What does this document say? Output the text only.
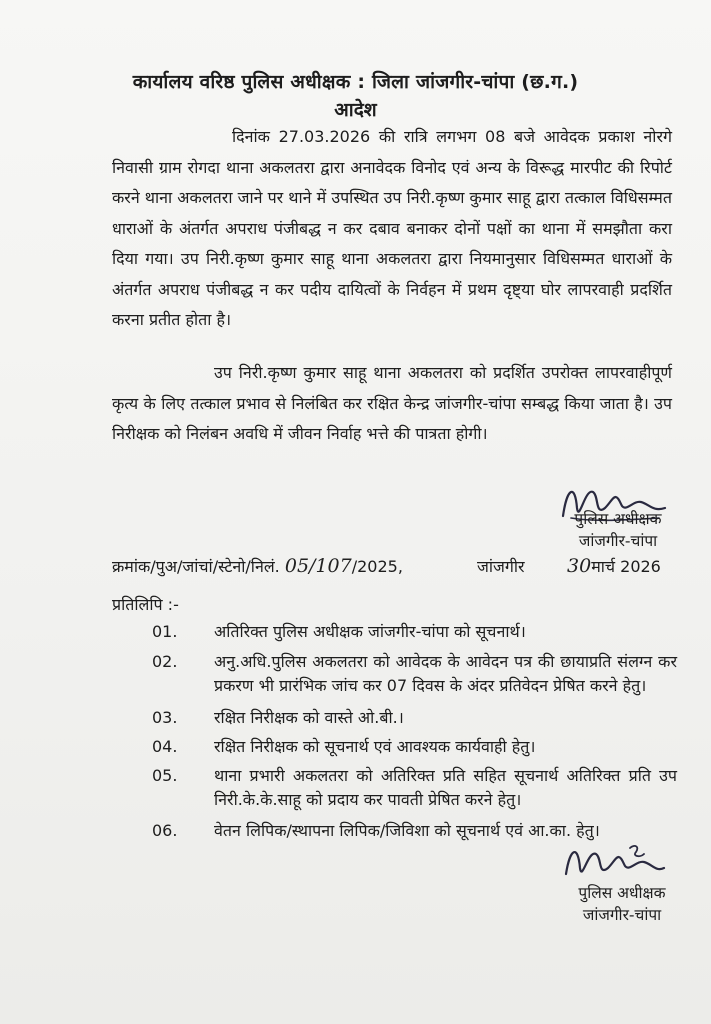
कार्यालय वरिष्ठ पुलिस अधीक्षक : जिला जांजगीर-चांपा (छ.ग.)
आदेश

दिनांक 27.03.2026 की रात्रि लगभग 08 बजे आवेदक प्रकाश नोरगे निवासी ग्राम रोगदा थाना अकलतरा द्वारा अनावेदक विनोद एवं अन्य के विरूद्ध मारपीट की रिपोर्ट करने थाना अकलतरा जाने पर थाने में उपस्थित उप निरी.कृष्ण कुमार साहू द्वारा तत्काल विधिसम्मत धाराओं के अंतर्गत अपराध पंजीबद्ध न कर दबाव बनाकर दोनों पक्षों का थाना में समझौता करा दिया गया। उप निरी.कृष्ण कुमार साहू थाना अकलतरा द्वारा नियमानुसार विधिसम्मत धाराओं के अंतर्गत अपराध पंजीबद्ध न कर पदीय दायित्वों के निर्वहन में प्रथम दृष्ट्या घोर लापरवाही प्रदर्शित करना प्रतीत होता है।

उप निरी.कृष्ण कुमार साहू थाना अकलतरा को प्रदर्शित उपरोक्त लापरवाहीपूर्ण कृत्य के लिए तत्काल प्रभाव से निलंबित कर रक्षित केन्द्र जांजगीर-चांपा सम्बद्ध किया जाता है। उप निरीक्षक को निलंबन अवधि में जीवन निर्वाह भत्ते की पात्रता होगी।

पुलिस अधीक्षक
जांजगीर-चांपा
क्रमांक/पुअ/जांचां/स्टेनो/निलं. 05/107/2025,	जांजगीर 30मार्च 2026
प्रतिलिपि :-
01. अतिरिक्त पुलिस अधीक्षक जांजगीर-चांपा को सूचनार्थ।
02. अनु.अधि.पुलिस अकलतरा को आवेदक के आवेदन पत्र की छायाप्रति संलग्न कर प्रकरण भी प्रारंभिक जांच कर 07 दिवस के अंदर प्रतिवेदन प्रेषित करने हेतु।
03. रक्षित निरीक्षक को वास्ते ओ.बी.।
04. रक्षित निरीक्षक को सूचनार्थ एवं आवश्यक कार्यवाही हेतु।
05. थाना प्रभारी अकलतरा को अतिरिक्त प्रति सहित सूचनार्थ अतिरिक्त प्रति उप निरी.के.के.साहू को प्रदाय कर पावती प्रेषित करने हेतु।
06. वेतन लिपिक/स्थापना लिपिक/जिविशा को सूचनार्थ एवं आ.का. हेतु।
पुलिस अधीक्षक
जांजगीर-चांपा
